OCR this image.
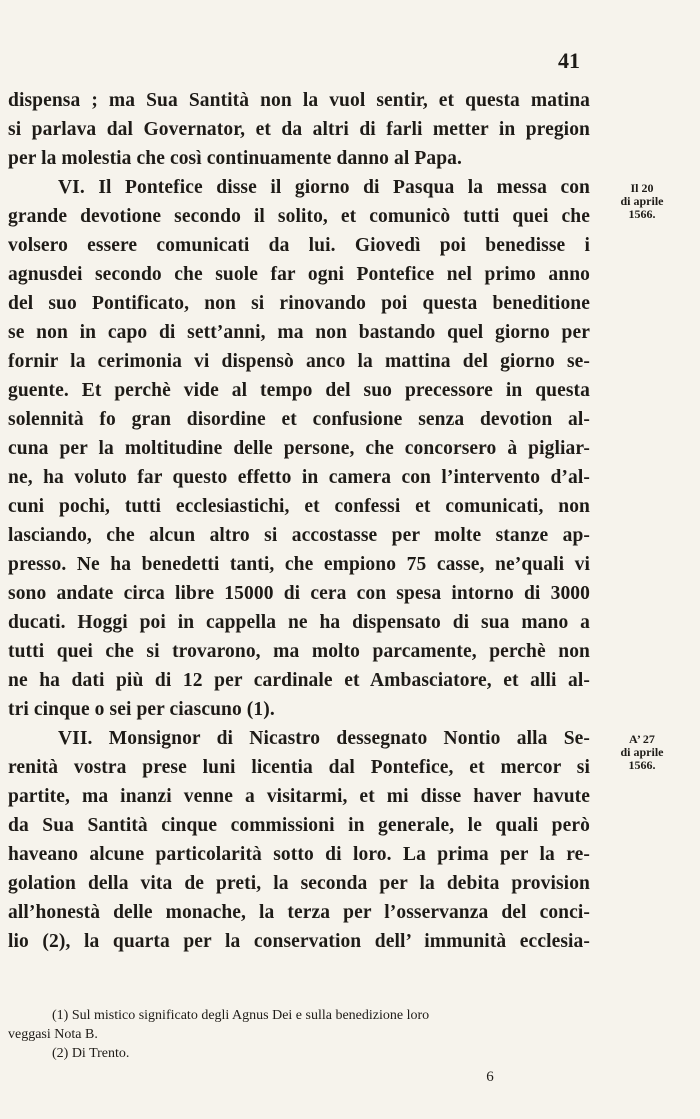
41
dispensa ; ma Sua Santità non la vuol sentir, et questa matina
si parlava dal Governator, et da altri di farli metter in pregion
per la molestia che così continuamente danno al Papa.
VI. Il Pontefice disse il giorno di Pasqua la messa con
grande devotione secondo il solito, et comunicò tutti quei che
volsero essere comunicati da lui. Giovedì poi benedisse i
agnusdei secondo che suole far ogni Pontefice nel primo anno
del suo Pontificato, non si rinovando poi questa beneditione
se non in capo di sett’anni, ma non bastando quel giorno per
fornir la cerimonia vi dispensò anco la mattina del giorno se-
guente. Et perchè vide al tempo del suo precessore in questa
solennità fo gran disordine et confusione senza devotion al-
cuna per la moltitudine delle persone, che concorsero à pigliar-
ne, ha voluto far questo effetto in camera con l’intervento d’al-
cuni pochi, tutti ecclesiastichi, et confessi et comunicati, non
lasciando, che alcun altro si accostasse per molte stanze ap-
presso. Ne ha benedetti tanti, che empiono 75 casse, ne’quali vi
sono andate circa libre 15000 di cera con spesa intorno di 3000
ducati. Hoggi poi in cappella ne ha dispensato di sua mano a
tutti quei che si trovarono, ma molto parcamente, perchè non
ne ha dati più di 12 per cardinale et Ambasciatore, et alli al-
tri cinque o sei per ciascuno (1).
VII. Monsignor di Nicastro dessegnato Nontio alla Se-
renità vostra prese luni licentia dal Pontefice, et mercor si
partite, ma inanzi venne a visitarmi, et mi disse haver havute
da Sua Santità cinque commissioni in generale, le quali però
haveano alcune particolarità sotto di loro. La prima per la re-
golation della vita de preti, la seconda per la debita provision
all’honestà delle monache, la terza per l’osservanza del conci-
lio (2), la quarta per la conservation dell’ immunità ecclesia-
Il 20
di aprile
1566.
A’ 27
di aprile
1566.
(1) Sul mistico significato degli Agnus Dei e sulla benedizione loro
veggasi Nota B.
(2) Di Trento.
6
